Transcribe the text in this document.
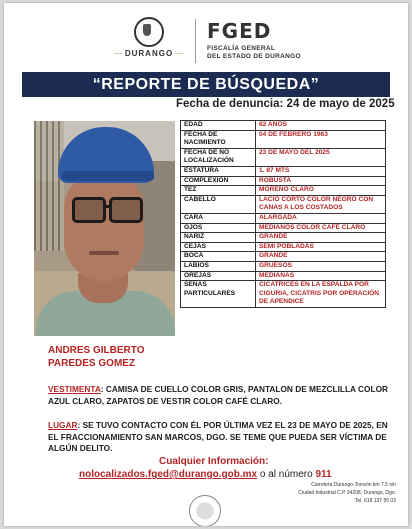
— DURANGO —
FGED
FISCALÍA GENERAL
DEL ESTADO DE DURANGO
“REPORTE DE BÚSQUEDA”
Fecha de denuncia: 24 de mayo de 2025
EDAD	62 AÑOS
FECHA DE NACIMIENTO	04 DE FEBRERO 1963
FECHA DE NO LOCALIZACIÓN	23 DE MAYO DEL 2025
ESTATURA	1. 87 MTS
COMPLEXIÓN	ROBUSTA
TEZ	MORENO CLARO
CABELLO	LACIO CORTO COLOR NEGRO CON CANAS A LOS COSTADOS
CARA	ALARGADA
OJOS	MEDIANOS COLOR CAFÉ CLARO
NARIZ	GRANDE
CEJAS	SEMI POBLADAS
BOCA	GRANDE
LABIOS	GRUESOS
OREJAS	MEDIANAS
SEÑAS PARTICULARES	CICATRICES EN LA ESPALDA POR CIGURIA, CICATRIS POR OPERACIÓN DE APENDICE
ANDRES GILBERTO
PAREDES GOMEZ
VESTIMENTA: CAMISA DE CUELLO COLOR GRIS, PANTALON DE MEZCLILLA COLOR AZUL CLARO, ZAPATOS DE VESTIR COLOR CAFÉ CLARO.
LUGAR: SE TUVO CONTACTO CON ÉL POR ÚLTIMA VEZ EL 23 DE MAYO DE 2025, EN EL FRACCIONAMIENTO SAN MARCOS, DGO. SE TEME QUE PUEDA SER VÍCTIMA DE ALGÚN DELITO.
Cualquier Información:
nolocalizados.fged@durango.gob.mx o al número 911
Carretera Durango-Torreón km 7.5 s/n
Ciudad Industrial C.P 34208, Durango, Dgo.
Tel. 618 137 55 02
